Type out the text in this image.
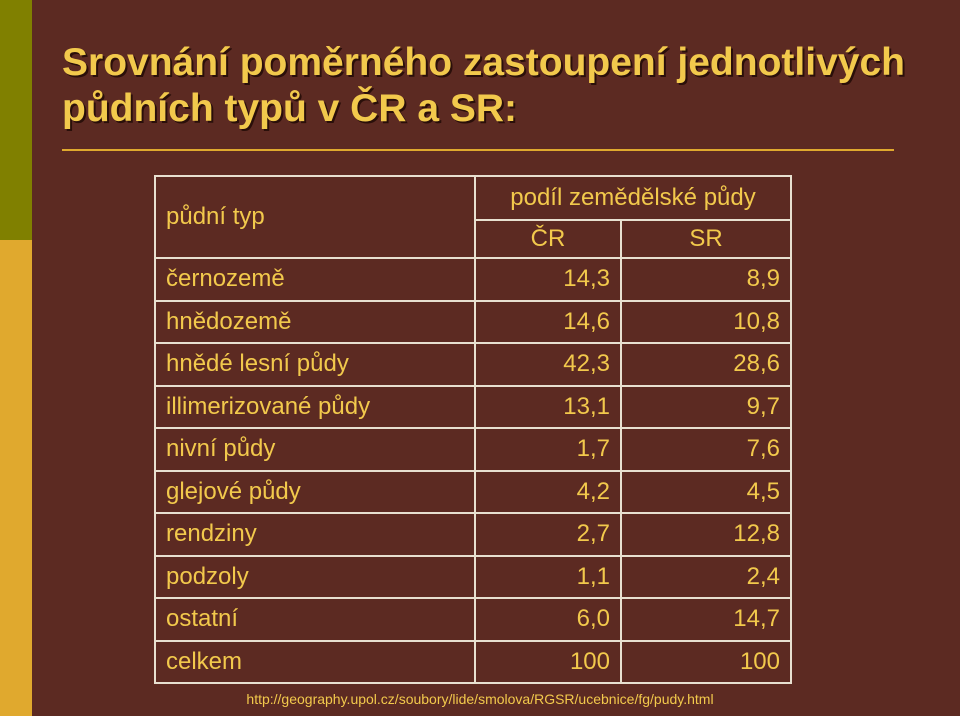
Srovnání poměrného zastoupení jednotlivých půdních typů v ČR a SR:
půdní typ	podíl zemědělské půdy	
	ČR	SR
černozemě	14,3	8,9
hnědozemě	14,6	10,8
hnědé lesní půdy	42,3	28,6
illimerizované půdy	13,1	9,7
nivní půdy	1,7	7,6
glejové půdy	4,2	4,5
rendziny	2,7	12,8
podzoly	1,1	2,4
ostatní	6,0	14,7
celkem	100	100
http://geography.upol.cz/soubory/lide/smolova/RGSR/ucebnice/fg/pudy.html
